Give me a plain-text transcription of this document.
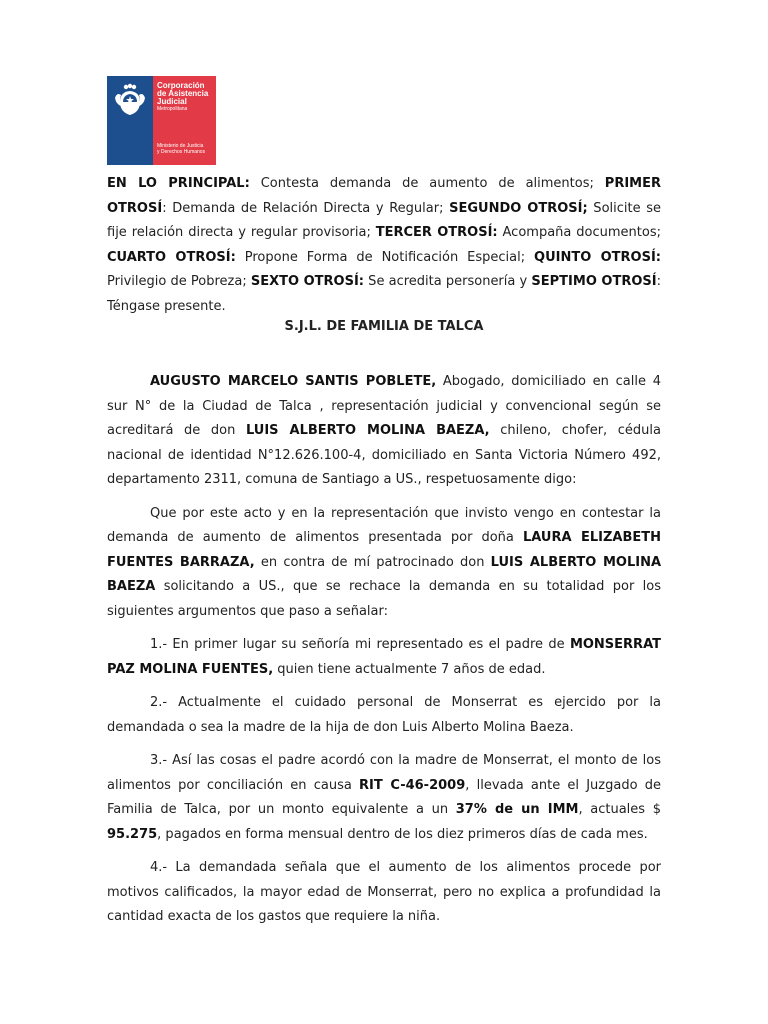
Corporación
de Asistencia
Judicial
Metropolitana
Ministerio de Justicia
y Derechos Humanos

EN LO PRINCIPAL: Contesta demanda de aumento de alimentos; PRIMER OTROSÍ: Demanda de Relación Directa y Regular; SEGUNDO OTROSÍ; Solicite se fije relación directa y regular provisoria; TERCER OTROSÍ: Acompaña documentos; CUARTO OTROSÍ: Propone Forma de Notificación Especial; QUINTO OTROSÍ: Privilegio de Pobreza; SEXTO OTROSÍ: Se acredita personería y SEPTIMO OTROSÍ: Téngase presente.

S.J.L. DE FAMILIA DE TALCA

AUGUSTO MARCELO SANTIS POBLETE, Abogado, domiciliado en calle 4 sur N° de la Ciudad de Talca , representación judicial y convencional según se acreditará de don LUIS ALBERTO MOLINA BAEZA, chileno, chofer, cédula nacional de identidad N°12.626.100-4, domiciliado en Santa Victoria Número 492, departamento 2311, comuna de Santiago a US., respetuosamente digo:

Que por este acto y en la representación que invisto vengo en contestar la demanda de aumento de alimentos presentada por doña LAURA ELIZABETH FUENTES BARRAZA, en contra de mí patrocinado don LUIS ALBERTO MOLINA BAEZA solicitando a US., que se rechace la demanda en su totalidad por los siguientes argumentos que paso a señalar:

1.- En primer lugar su señoría mi representado es el padre de MONSERRAT PAZ MOLINA FUENTES, quien tiene actualmente 7 años de edad.

2.- Actualmente el cuidado personal de Monserrat es ejercido por la demandada o sea la madre de la hija de don Luis Alberto Molina Baeza.

3.- Así las cosas el padre acordó con la madre de Monserrat, el monto de los alimentos por conciliación en causa RIT C-46-2009, llevada ante el Juzgado de Familia de Talca, por un monto equivalente a un 37% de un IMM, actuales $ 95.275, pagados en forma mensual dentro de los diez primeros días de cada mes.

4.- La demandada señala que el aumento de los alimentos procede por motivos calificados, la mayor edad de Monserrat, pero no explica a profundidad la cantidad exacta de los gastos que requiere la niña.
